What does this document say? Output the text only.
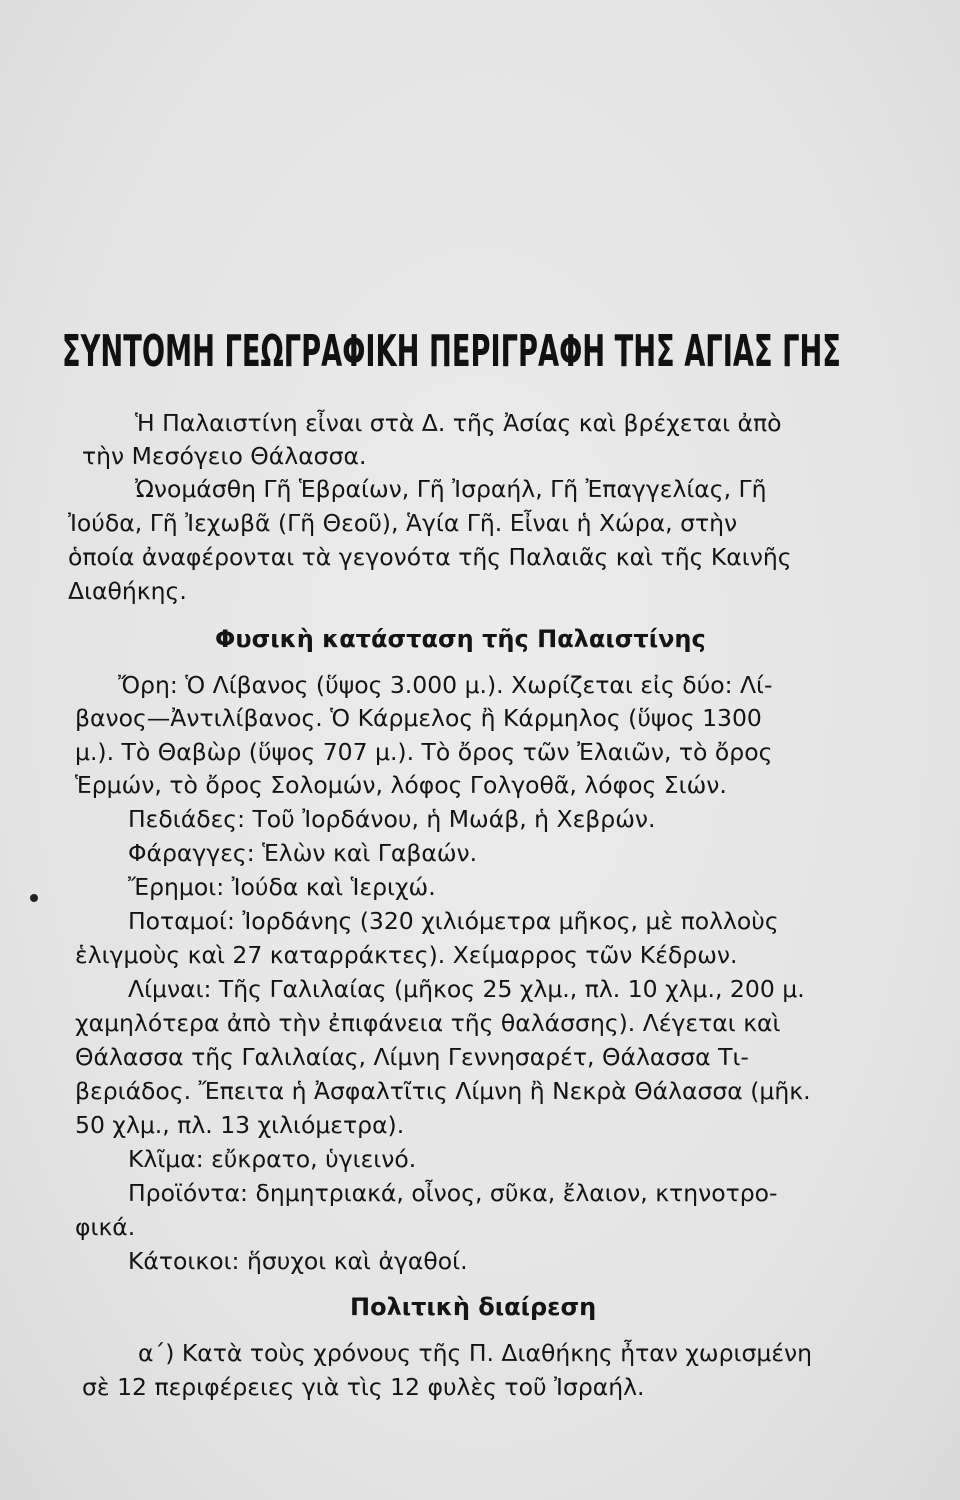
ΣΥΝΤΟΜΗ ΓΕΩΓΡΑΦΙΚΗ ΠΕΡΙΓΡΑΦΗ ΤΗΣ ΑΓΙΑΣ ΓΗΣ
Ἡ Παλαιστίνη εἶναι στὰ Δ. τῆς Ἀσίας καὶ βρέχεται ἀπὸ
τὴν Μεσόγειο Θάλασσα.
Ὠνομάσθη Γῆ Ἑβραίων, Γῆ Ἰσραήλ, Γῆ Ἐπαγγελίας, Γῆ
Ἰούδα, Γῆ Ἰεχωβᾶ (Γῆ Θεοῦ), Ἁγία Γῆ. Εἶναι ἡ Χώρα, στὴν
ὁποία ἀναφέρονται τὰ γεγονότα τῆς Παλαιᾶς καὶ τῆς Καινῆς
Διαθήκης.
Φυσικὴ κατάσταση τῆς Παλαιστίνης
Ὄρη: Ὁ Λίβανος (ὕψος 3.000 μ.). Χωρίζεται εἰς δύο: Λί-
βανος—Ἀντιλίβανος. Ὁ Κάρμελος ἢ Κάρμηλος (ὕψος 1300
μ.). Τὸ Θαβὼρ (ὕψος 707 μ.). Τὸ ὄρος τῶν Ἐλαιῶν, τὸ ὄρος
Ἑρμών, τὸ ὄρος Σολομών, λόφος Γολγοθᾶ, λόφος Σιών.
Πεδιάδες: Τοῦ Ἰορδάνου, ἡ Μωάβ, ἡ Χεβρών.
Φάραγγες: Ἑλὼν καὶ Γαβαών.
Ἔρημοι: Ἰούδα καὶ Ἱεριχώ.
Ποταμοί: Ἰορδάνης (320 χιλιόμετρα μῆκος, μὲ πολλοὺς
ἑλιγμοὺς καὶ 27 καταρράκτες). Χείμαρρος τῶν Κέδρων.
Λίμναι: Τῆς Γαλιλαίας (μῆκος 25 χλμ., πλ. 10 χλμ., 200 μ.
χαμηλότερα ἀπὸ τὴν ἐπιφάνεια τῆς θαλάσσης). Λέγεται καὶ
Θάλασσα τῆς Γαλιλαίας, Λίμνη Γεννησαρέτ, Θάλασσα Τι-
βεριάδος. Ἔπειτα ἡ Ἀσφαλτῖτις Λίμνη ἢ Νεκρὰ Θάλασσα (μῆκ.
50 χλμ., πλ. 13 χιλιόμετρα).
Κλῖμα: εὔκρατο, ὑγιεινό.
Προϊόντα: δημητριακά, οἶνος, σῦκα, ἔλαιον, κτηνοτρο-
φικά.
Κάτοικοι: ἥσυχοι καὶ ἀγαθοί.
Πολιτικὴ διαίρεση
α΄) Κατὰ τοὺς χρόνους τῆς Π. Διαθήκης ἦταν χωρισμένη
σὲ 12 περιφέρειες γιὰ τὶς 12 φυλὲς τοῦ Ἰσραήλ.
